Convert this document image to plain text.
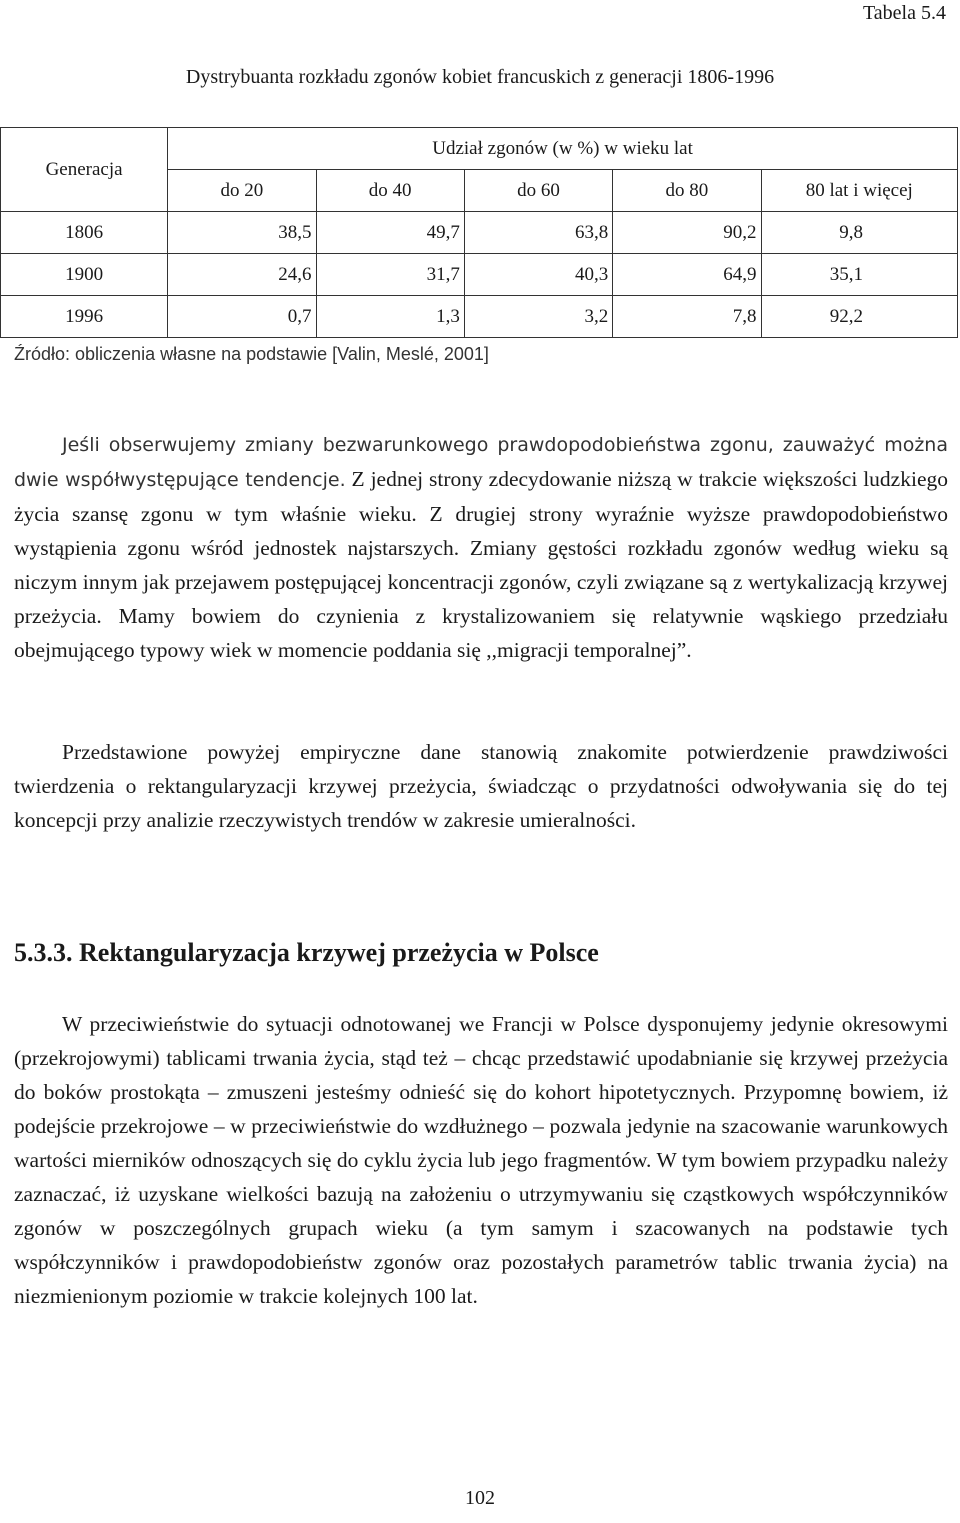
Tabela 5.4
Dystrybuanta rozkładu zgonów kobiet francuskich z generacji 1806-1996
Generacja	Udział zgonów (w %) w wieku lat				
	do 20	do 40	do 60	do 80	80 lat i więcej
1806	38,5	49,7	63,8	90,2	9,8
1900	24,6	31,7	40,3	64,9	35,1
1996	0,7	1,3	3,2	7,8	92,2
Źródło: obliczenia własne na podstawie [Valin, Meslé, 2001]

Jeśli obserwujemy zmiany bezwarunkowego prawdopodobieństwa zgonu, zauważyć można dwie współwystępujące tendencje. Z jednej strony zdecydowanie niższą w trakcie większości ludzkiego życia szansę zgonu w tym właśnie wieku. Z drugiej strony wyraźnie wyższe prawdopodobieństwo wystąpienia zgonu wśród jednostek najstarszych. Zmiany gęstości rozkładu zgonów według wieku są niczym innym jak przejawem postępującej koncentracji zgonów, czyli związane są z wertykalizacją krzywej przeżycia. Mamy bowiem do czynienia z krystalizowaniem się relatywnie wąskiego przedziału obejmującego typowy wiek w momencie poddania się ,,migracji temporalnej”.

Przedstawione powyżej empiryczne dane stanowią znakomite potwierdzenie prawdziwości twierdzenia o rektangularyzacji krzywej przeżycia, świadcząc o przydatności odwoływania się do tej koncepcji przy analizie rzeczywistych trendów w zakresie umieralności.

5.3.3. Rektangularyzacja krzywej przeżycia w Polsce

W przeciwieństwie do sytuacji odnotowanej we Francji w Polsce dysponujemy jedynie okresowymi (przekrojowymi) tablicami trwania życia, stąd też – chcąc przedstawić upodabnianie się krzywej przeżycia do boków prostokąta – zmuszeni jesteśmy odnieść się do kohort hipotetycznych. Przypomnę bowiem, iż podejście przekrojowe – w przeciwieństwie do wzdłużnego – pozwala jedynie na szacowanie warunkowych wartości mierników odnoszących się do cyklu życia lub jego fragmentów. W tym bowiem przypadku należy zaznaczać, iż uzyskane wielkości bazują na założeniu o utrzymywaniu się cząstkowych współczynników zgonów w poszczególnych grupach wieku (a tym samym i szacowanych na podstawie tych współczynników i prawdopodobieństw zgonów oraz pozostałych parametrów tablic trwania życia) na niezmienionym poziomie w trakcie kolejnych 100 lat.

102
